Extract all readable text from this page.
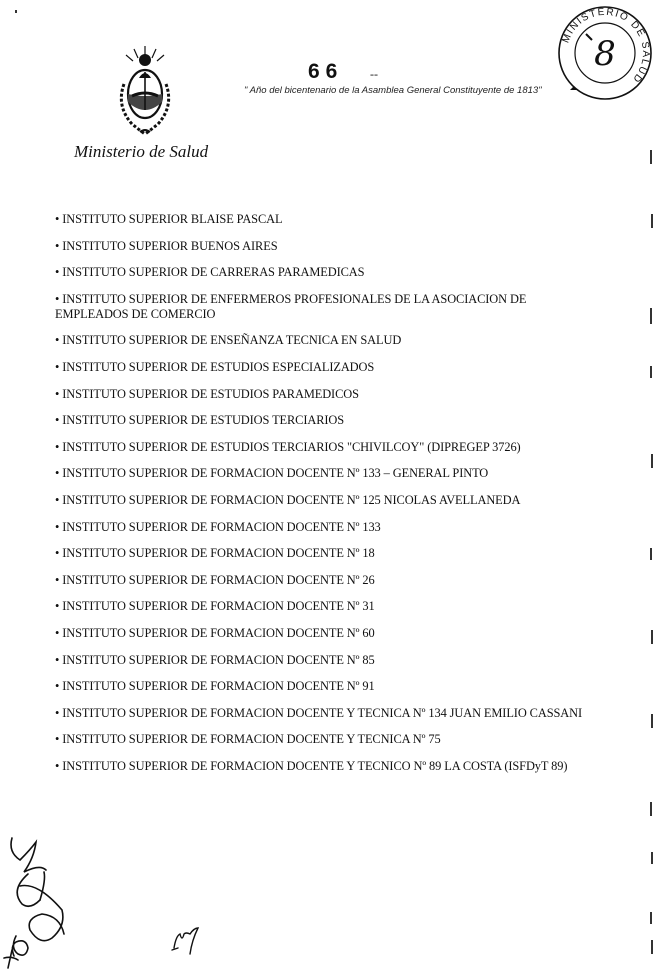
Ministerio de Salud
66 --
" Año del bicentenario de la Asamblea General Constituyente de 1813"
MINISTERIO DE SALUD
8
• INSTITUTO SUPERIOR BLAISE PASCAL
• INSTITUTO SUPERIOR BUENOS AIRES
• INSTITUTO SUPERIOR DE CARRERAS PARAMEDICAS
• INSTITUTO SUPERIOR DE ENFERMEROS PROFESIONALES DE LA ASOCIACION DE EMPLEADOS DE COMERCIO
• INSTITUTO SUPERIOR DE ENSEÑANZA TECNICA EN SALUD
• INSTITUTO SUPERIOR DE ESTUDIOS ESPECIALIZADOS
• INSTITUTO SUPERIOR DE ESTUDIOS PARAMEDICOS
• INSTITUTO SUPERIOR DE ESTUDIOS TERCIARIOS
• INSTITUTO SUPERIOR DE ESTUDIOS TERCIARIOS "CHIVILCOY" (DIPREGEP 3726)
• INSTITUTO SUPERIOR DE FORMACION DOCENTE Nº 133 – GENERAL PINTO
• INSTITUTO SUPERIOR DE FORMACION DOCENTE Nº 125 NICOLAS AVELLANEDA
• INSTITUTO SUPERIOR DE FORMACION DOCENTE Nº 133
• INSTITUTO SUPERIOR DE FORMACION DOCENTE Nº 18
• INSTITUTO SUPERIOR DE FORMACION DOCENTE Nº 26
• INSTITUTO SUPERIOR DE FORMACION DOCENTE Nº 31
• INSTITUTO SUPERIOR DE FORMACION DOCENTE Nº 60
• INSTITUTO SUPERIOR DE FORMACION DOCENTE Nº 85
• INSTITUTO SUPERIOR DE FORMACION DOCENTE Nº 91
• INSTITUTO SUPERIOR DE FORMACION DOCENTE Y TECNICA Nº 134 JUAN EMILIO CASSANI
• INSTITUTO SUPERIOR DE FORMACION DOCENTE Y TECNICA Nº 75
• INSTITUTO SUPERIOR DE FORMACION DOCENTE Y TECNICO Nº 89 LA COSTA (ISFDyT 89)
